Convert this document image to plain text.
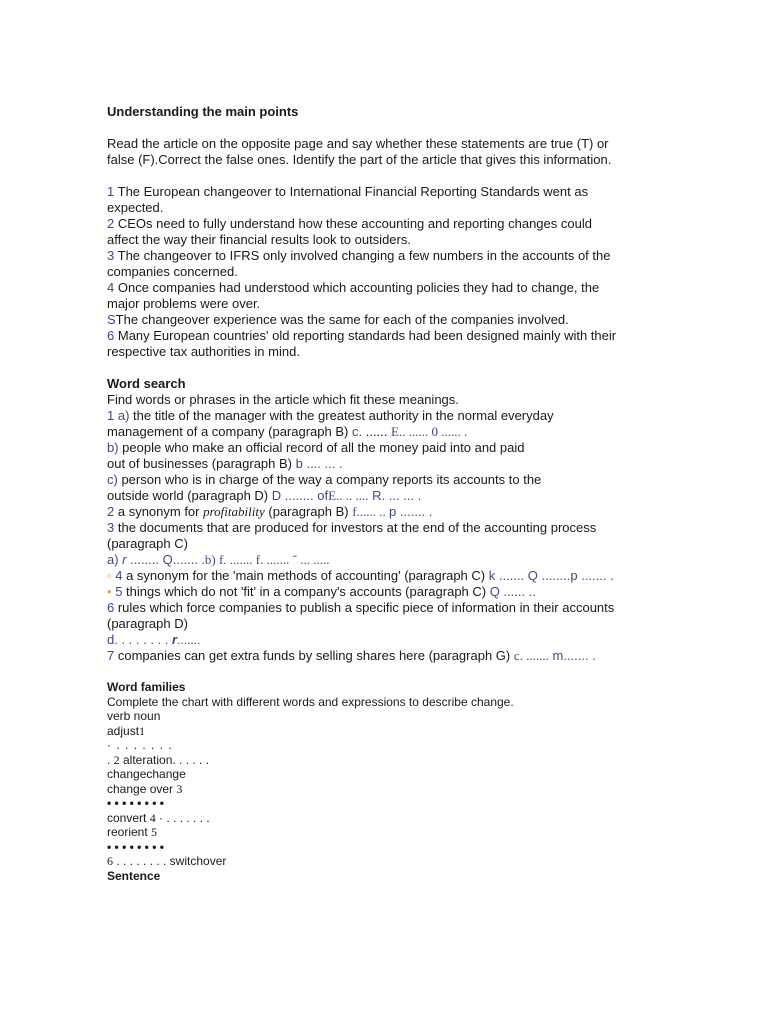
Understanding the main points
Read the article on the opposite page and say whether these statements are true (T) or
false (F).Correct the false ones. Identify the part of the article that gives this information.
1 The European changeover to International Financial Reporting Standards went as
expected.
2 CEOs need to fully understand how these accounting and reporting changes could
affect the way their financial results look to outsiders.
3 The changeover to IFRS only involved changing a few numbers in the accounts of the
companies concerned.
4 Once companies had understood which accounting policies they had to change, the
major problems were over.
SThe changeover experience was the same for each of the companies involved.
6 Many European countries' old reporting standards had been designed mainly with their
respective tax authorities in mind.
Word search
Find words or phrases in the article which fit these meanings.
1 a) the title of the manager with the greatest authority in the normal everyday
management of a company (paragraph B) c. ...... E.. ...... 0 ...... .
b) people who make an official record of all the money paid into and paid
out of businesses (paragraph B) b .... ... .
c) person who is in charge of the way a company reports its accounts to the
outside world (paragraph D) D ........ ofE.. .. .... R. ... ... .
2 a synonym for profitability (paragraph B) f...... .. p ....... .
3 the documents that are produced for investors at the end of the accounting process
(paragraph C)
a) r ........ Q....... .b) f. ....... f. ....... ˜ ... .....
◦ 4 a synonym for the 'main methods of accounting' (paragraph C) k ....... Q ........p ....... .
• 5 things which do not 'fit' in a company's accounts (paragraph C) Q ...... ..
6 rules which force companies to publish a specific piece of information in their accounts
(paragraph D)
d. . . . . . . . r.......
7 companies can get extra funds by selling shares here (paragraph G) c. ....... m....... .
Word families
Complete the chart with different words and expressions to describe change.
verb noun
adjust1
· . . . . . . .
. 2 alteration. . . . . .
changechange
change over 3
• • • • • • • •
convert 4 · . . . . . . .
reorient 5
• • • • • • • •
6 . . . . . . . . switchover
Sentence
